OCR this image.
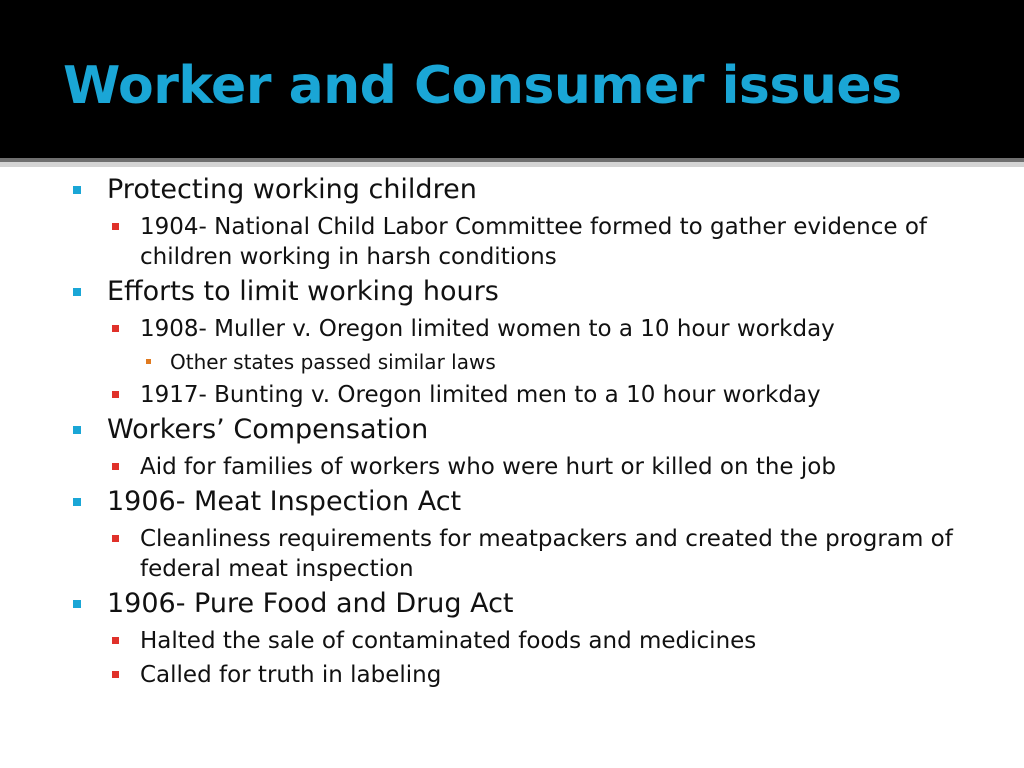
Worker and Consumer issues
Protecting working children
1904- National Child Labor Committee formed to gather evidence of children working in harsh conditions
Efforts to limit working hours
1908- Muller v. Oregon limited women to a 10 hour workday
Other states passed similar laws
1917- Bunting v. Oregon limited men to a 10 hour workday
Workers’ Compensation
Aid for families of workers who were hurt or killed on the job
1906- Meat Inspection Act
Cleanliness requirements for meatpackers and created the program of federal meat inspection
1906- Pure Food and Drug Act
Halted the sale of contaminated foods and medicines
Called for truth in labeling
